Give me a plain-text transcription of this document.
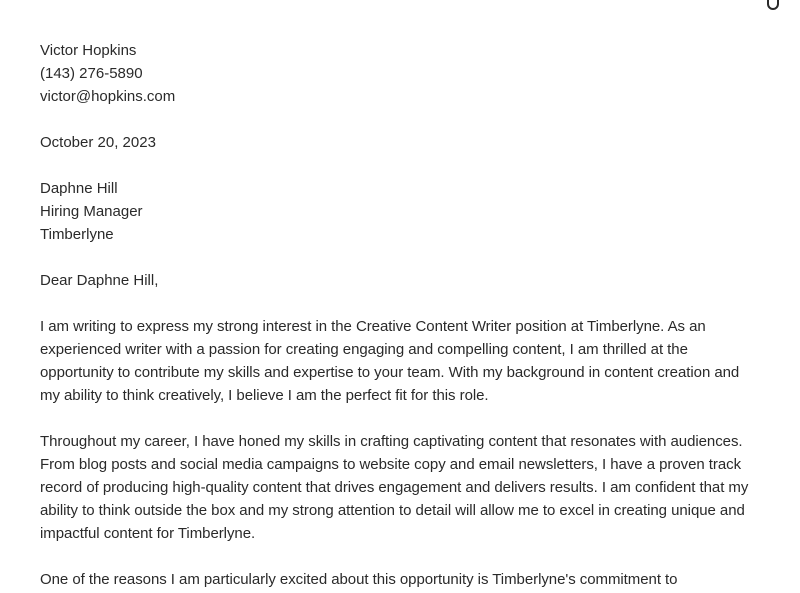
Victor Hopkins
(143) 276-5890
victor@hopkins.com
October 20, 2023
Daphne Hill
Hiring Manager
Timberlyne
Dear Daphne Hill,

I am writing to express my strong interest in the Creative Content Writer position at Timberlyne. As an experienced writer with a passion for creating engaging and compelling content, I am thrilled at the opportunity to contribute my skills and expertise to your team. With my background in content creation and my ability to think creatively, I believe I am the perfect fit for this role.

Throughout my career, I have honed my skills in crafting captivating content that resonates with audiences. From blog posts and social media campaigns to website copy and email newsletters, I have a proven track record of producing high-quality content that drives engagement and delivers results. I am confident that my ability to think outside the box and my strong attention to detail will allow me to excel in creating unique and impactful content for Timberlyne.

One of the reasons I am particularly excited about this opportunity is Timberlyne's commitment to
